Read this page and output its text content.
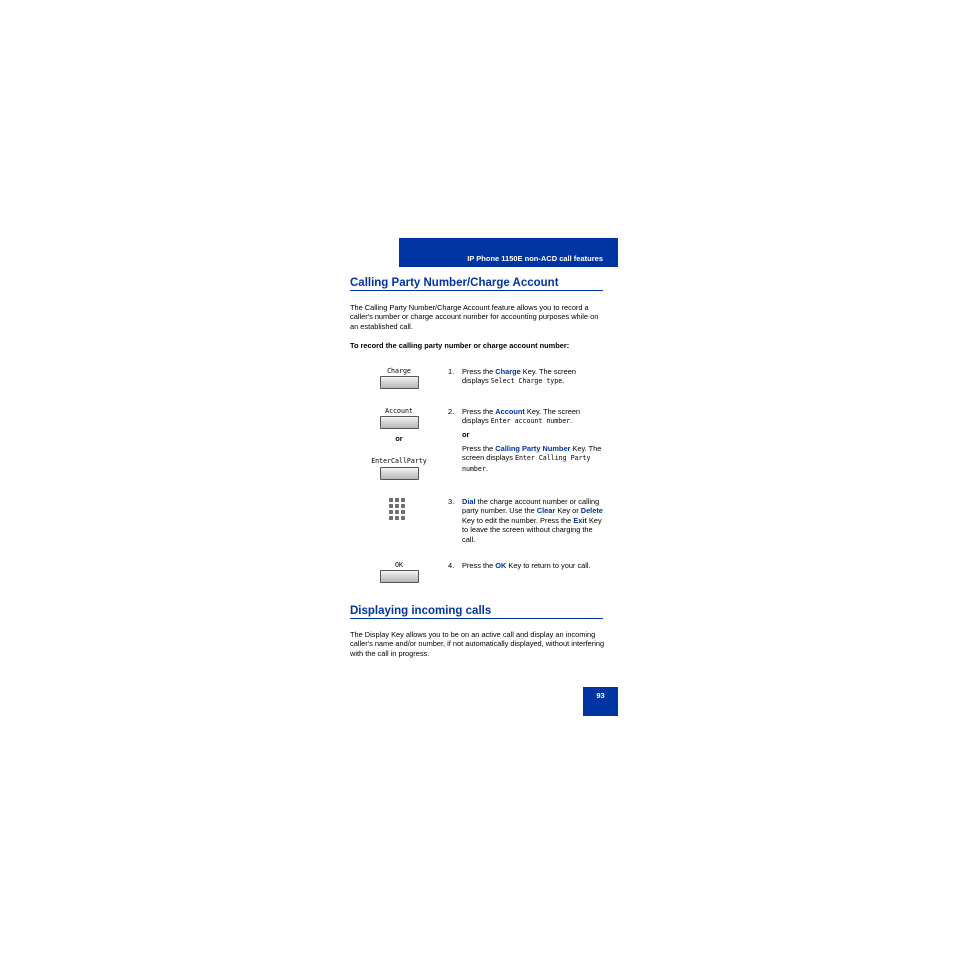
IP Phone 1150E non-ACD call features
Calling Party Number/Charge Account
The Calling Party Number/Charge Account feature allows you to record a caller's number or charge account number for accounting purposes while on an established call.
To record the calling party number or charge account number:
Charge
Account
or
EnterCallParty
OK
1. Press the Charge Key. The screen displays Select Charge type.
2. Press the Account Key. The screen displays Enter account number.
or
Press the Calling Party Number Key. The screen displays Enter Calling Party number.
3. Dial the charge account number or calling party number. Use the Clear Key or Delete Key to edit the number. Press the Exit Key to leave the screen without charging the call.
4. Press the OK Key to return to your call.
Displaying incoming calls
The Display Key allows you to be on an active call and display an incoming caller's name and/or number, if not automatically displayed, without interfering with the call in progress.
93
